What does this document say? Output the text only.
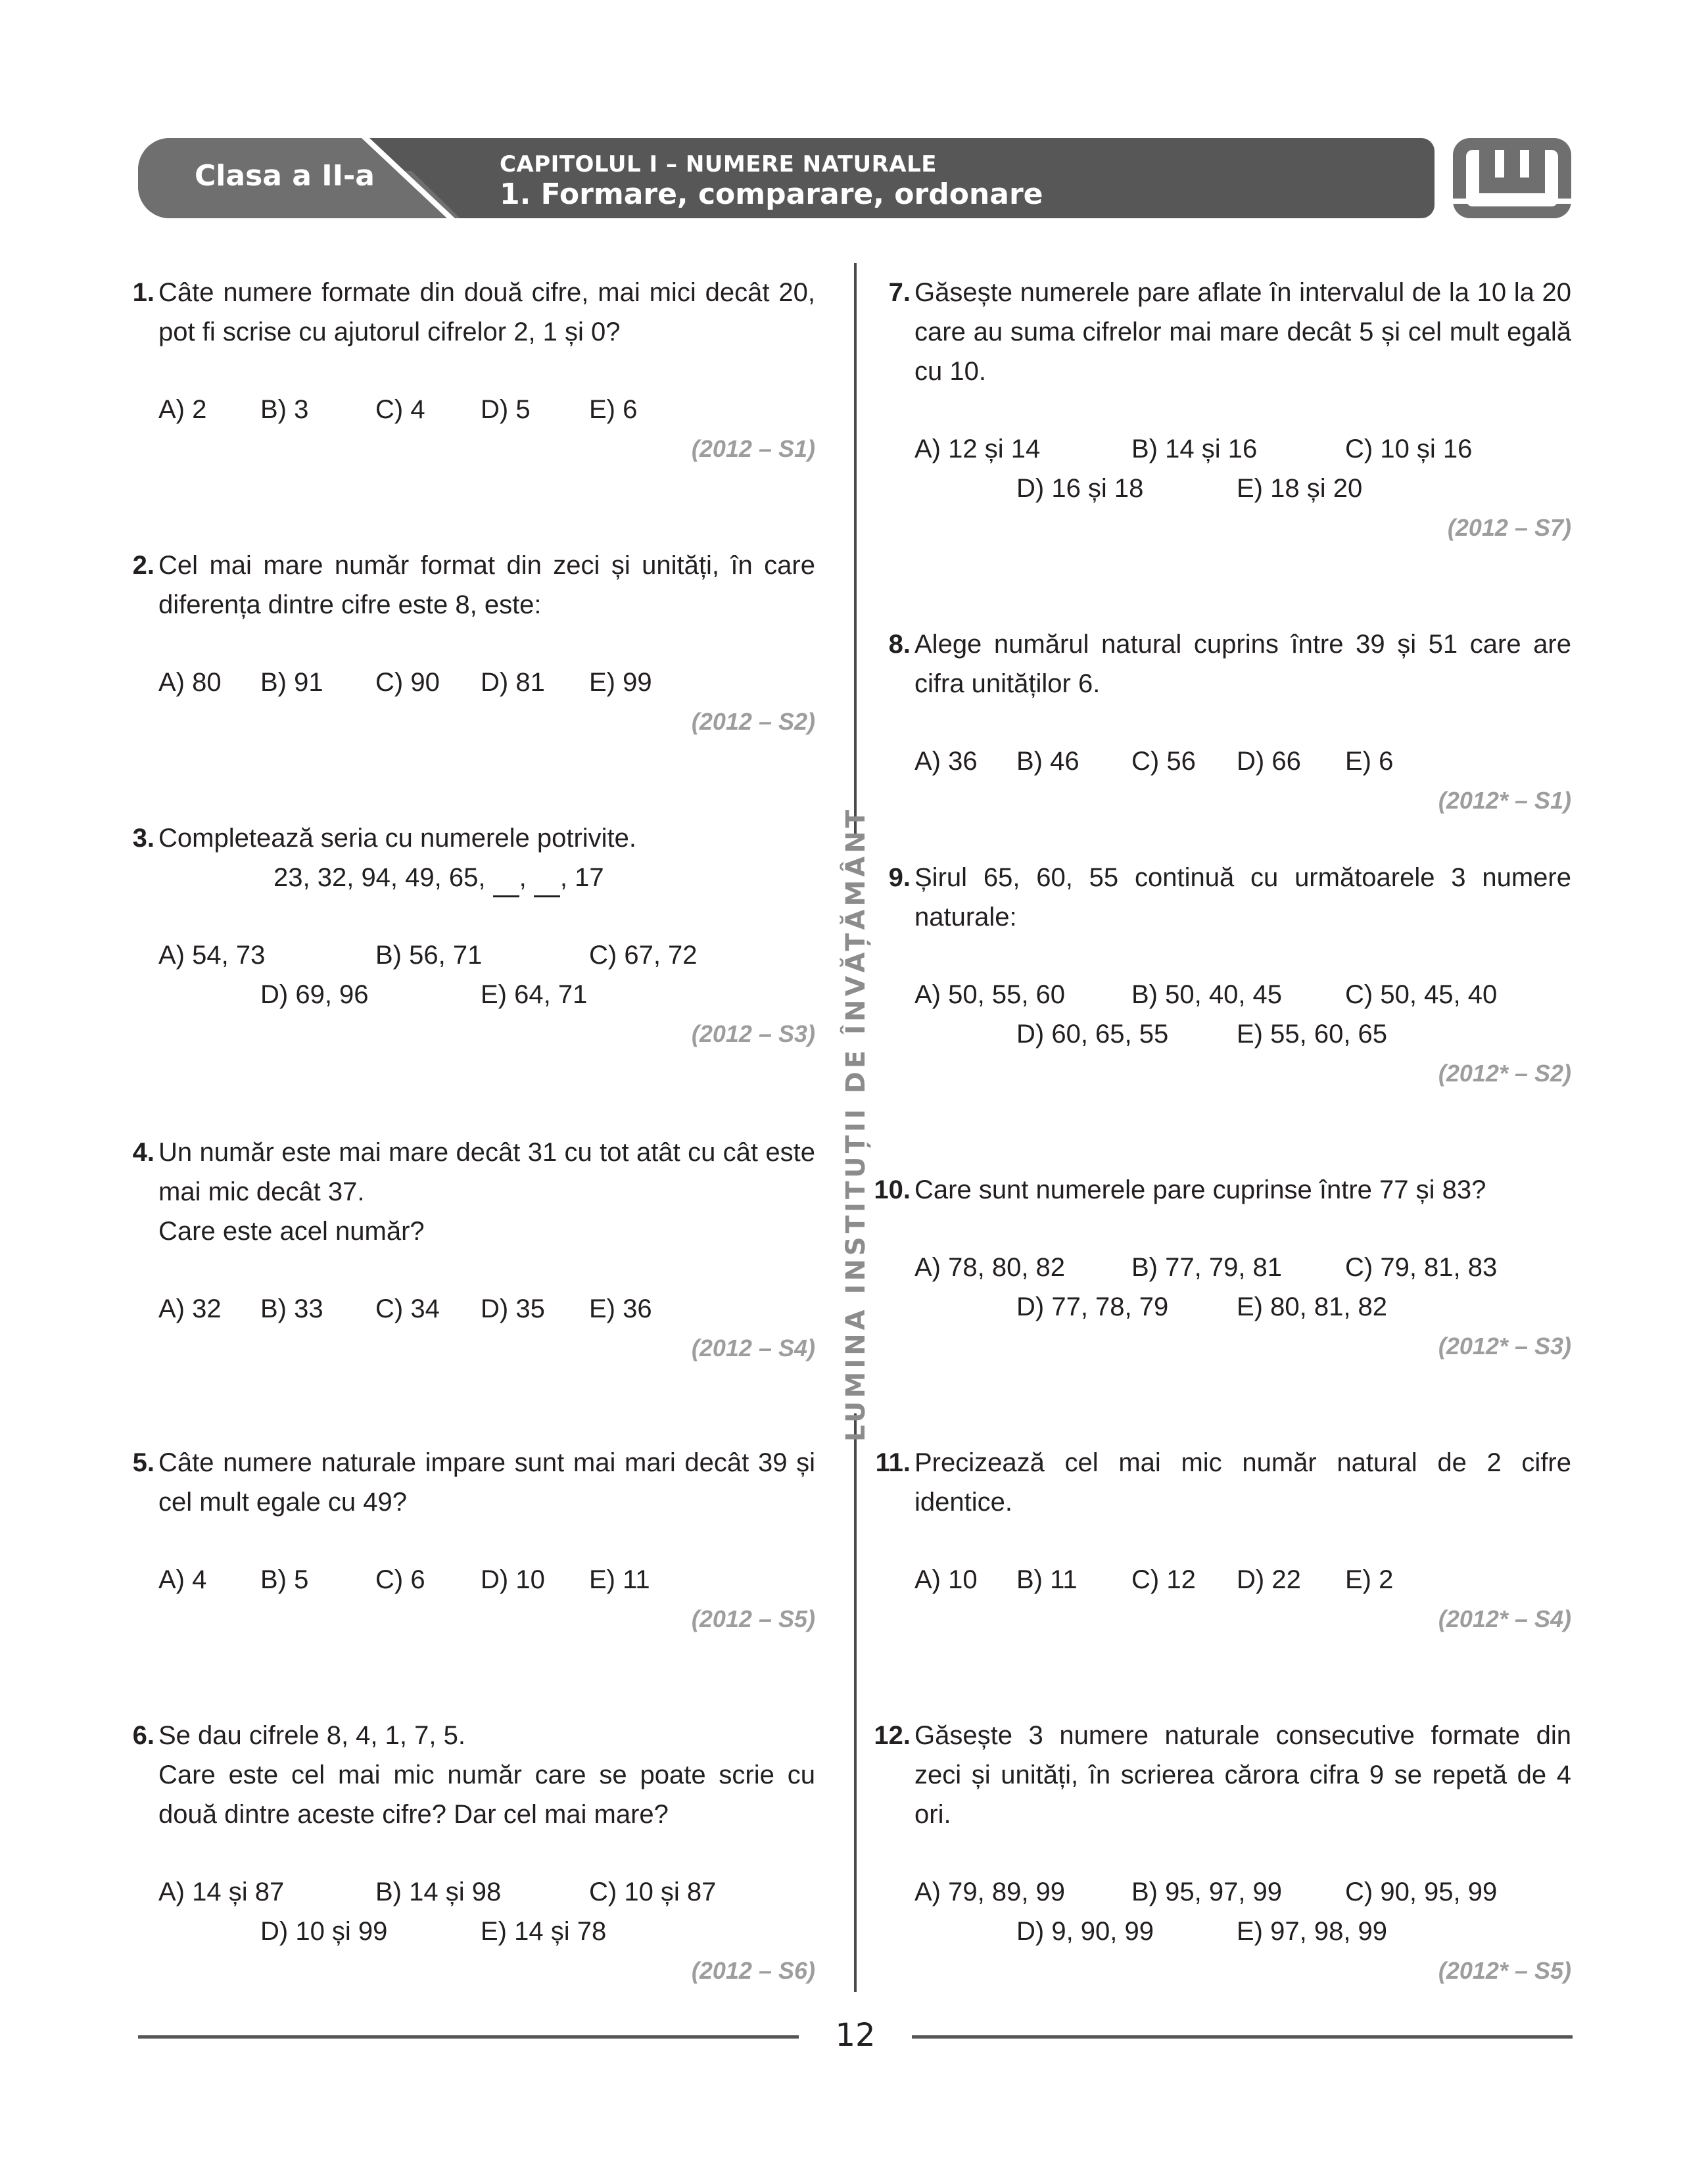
Clasa a II-a	CAPITOLUL I – NUMERE NATURALE
1. Formare, comparare, ordonare
LUMINA INSTITUȚII DE ÎNVĂȚĂMÂNT
1. Câte numere formate din două cifre, mai mici decât 20, pot fi scrise cu ajutorul cifrelor 2, 1 și 0?
A) 2 B) 3	C) 4 D) 5 E) 6
(2012 – S1)
2. Cel mai mare număr format din zeci și unități, în care diferența dintre cifre este 8, este:
A) 80 B) 91 C) 90 D) 81 E) 99
(2012 – S2)
3. Completează seria cu numerele potrivite.
23, 32, 94, 49, 65, , , 17
A) 54, 73	B) 56, 71	C) 67, 72
D) 69, 96	E) 64, 71
(2012 – S3)
4. Un număr este mai mare decât 31 cu tot atât cu cât este mai mic decât 37.
Care este acel număr?
A) 32 B) 33 C) 34 D) 35 E) 36
(2012 – S4)
5. Câte numere naturale impare sunt mai mari decât 39 și cel mult egale cu 49?
A) 4 B) 5	C) 6 D) 10 E) 11
(2012 – S5)
6. Se dau cifrele 8, 4, 1, 7, 5.
Care este cel mai mic număr care se poate scrie cu două dintre aceste cifre? Dar cel mai mare?
A) 14 și 87	B) 14 și 98	C) 10 și 87
D) 10 și 99	E) 14 și 78
(2012 – S6)
7. Găsește numerele pare aflate în intervalul de la 10 la 20 care au suma cifrelor mai mare decât 5 și cel mult egală cu 10.
A) 12 și 14	B) 14 și 16	C) 10 și 16
D) 16 și 18	E) 18 și 20
(2012 – S7)
8. Alege numărul natural cuprins între 39 și 51 care are cifra unităților 6.
A) 36 B) 46 C) 56 D) 66 E) 6
(2012* – S1)
9. Șirul 65, 60, 55 continuă cu următoarele 3 numere naturale:
A) 50, 55, 60	B) 50, 40, 45 C) 50, 45, 40
D) 60, 65, 55	E) 55, 60, 65
(2012* – S2)
10. Care sunt numerele pare cuprinse între 77 și 83?
A) 78, 80, 82	B) 77, 79, 81 C) 79, 81, 83
D) 77, 78, 79	E) 80, 81, 82
(2012* – S3)
11. Precizează cel mai mic număr natural de 2 cifre identice.
A) 10 B) 11 C) 12 D) 22 E) 2
(2012* – S4)
12. Găsește 3 numere naturale consecutive formate din zeci și unități, în scrierea cărora cifra 9 se repetă de 4 ori.
A) 79, 89, 99	B) 95, 97, 99 C) 90, 95, 99
D) 9, 90, 99	E) 97, 98, 99
(2012* – S5)
12
